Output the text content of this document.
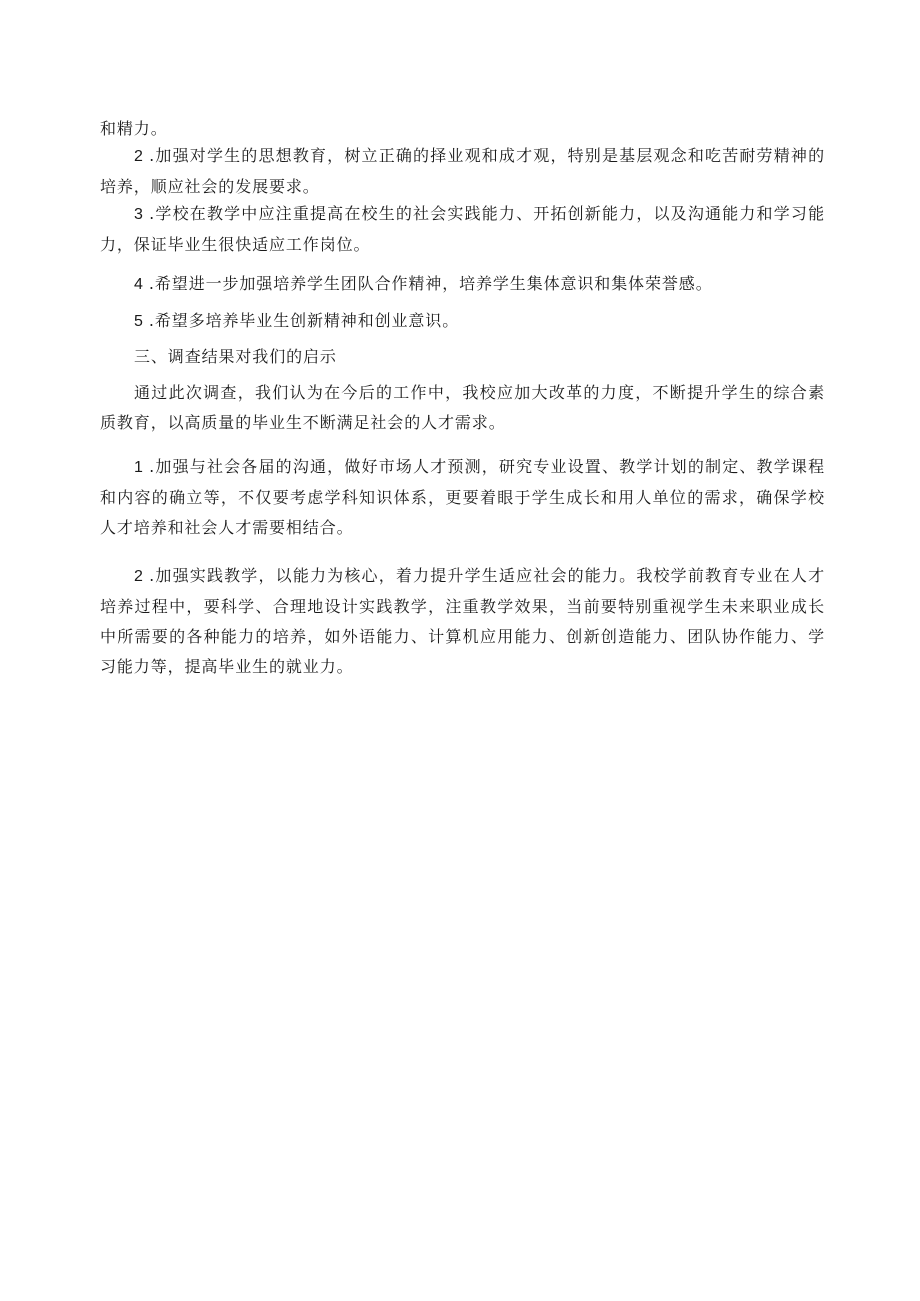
和精力。

2 .加强对学生的思想教育，树立正确的择业观和成才观，特别是基层观念和吃苦耐劳精神的培养，顺应社会的发展要求。

3 .学校在教学中应注重提高在校生的社会实践能力、开拓创新能力，以及沟通能力和学习能力，保证毕业生很快适应工作岗位。

4 .希望进一步加强培养学生团队合作精神，培养学生集体意识和集体荣誉感。

5 .希望多培养毕业生创新精神和创业意识。

三、调查结果对我们的启示

通过此次调查，我们认为在今后的工作中，我校应加大改革的力度，不断提升学生的综合素质教育，以高质量的毕业生不断满足社会的人才需求。

1 .加强与社会各届的沟通，做好市场人才预测，研究专业设置、教学计划的制定、教学课程和内容的确立等，不仅要考虑学科知识体系，更要着眼于学生成长和用人单位的需求，确保学校人才培养和社会人才需要相结合。

2 .加强实践教学，以能力为核心，着力提升学生适应社会的能力。我校学前教育专业在人才培养过程中，要科学、合理地设计实践教学，注重教学效果，当前要特别重视学生未来职业成长中所需要的各种能力的培养，如外语能力、计算机应用能力、创新创造能力、团队协作能力、学习能力等，提高毕业生的就业力。
